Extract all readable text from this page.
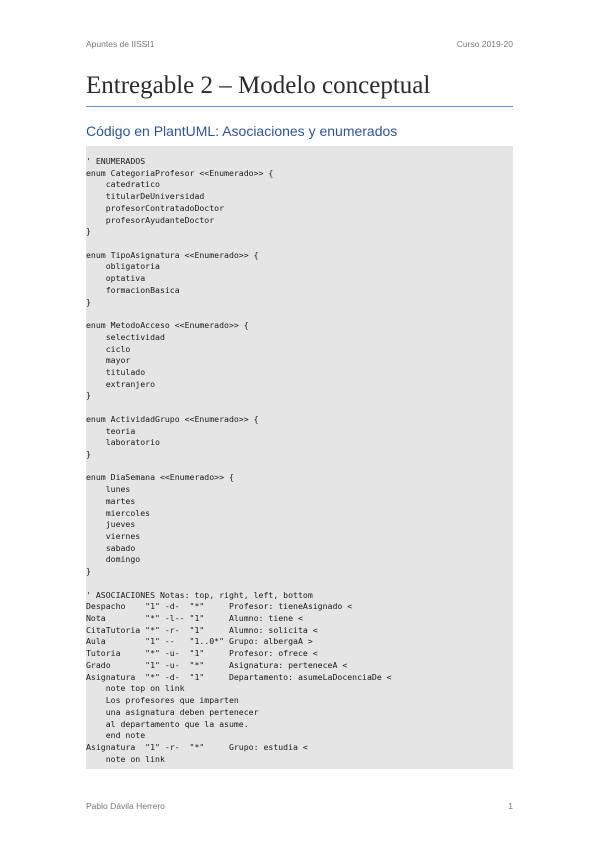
Apuntes de IISSI1	Curso 2019-20
Entregable 2 – Modelo conceptual
Código en PlantUML: Asociaciones y enumerados
' ENUMERADOS
enum CategoriaProfesor <<Enumerado>> {
catedratico
titularDeUniversidad
profesorContratadoDoctor
profesorAyudanteDoctor
}
enum TipoAsignatura <<Enumerado>> {
obligatoria
optativa
formacionBasica
}
enum MetodoAcceso <<Enumerado>> {
selectividad
ciclo
mayor
titulado
extranjero
}
enum ActividadGrupo <<Enumerado>> {
teoria
laboratorio
}
enum DiaSemana <<Enumerado>> {
lunes
martes
miercoles
jueves
viernes
sabado
domingo
}
' ASOCIACIONES Notas: top, right, left, bottom
Despacho    "1" -d-  "*"     Profesor: tieneAsignado <
Nota        "*" -l-- "1"     Alumno: tiene <
CitaTutoria "*" -r-  "1"     Alumno: solicita <
Aula        "1" --   "1..0*" Grupo: albergaA >
Tutoria     "*" -u-  "1"     Profesor: ofrece <
Grado       "1" -u-  "*"     Asignatura: perteneceA <
Asignatura  "*" -d-  "1"     Departamento: asumeLaDocenciaDe <
note top on link
Los profesores que imparten
una asignatura deben pertenecer
al departamento que la asume.
end note
Asignatura  "1" -r-  "*"     Grupo: estudia <
note on link
Pablo Dávila Herrero	1
